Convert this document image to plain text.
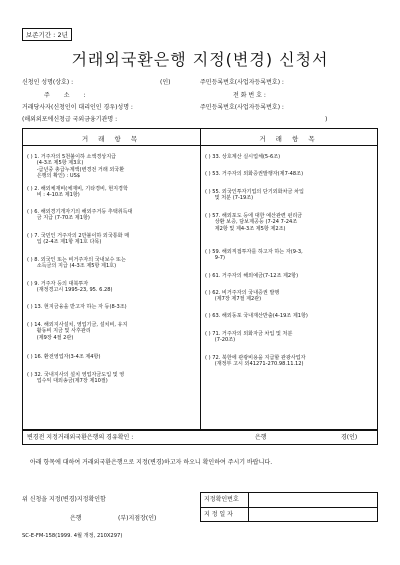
보존기간 : 2년
거래외국환은행 지정(변경) 신청서
신청인 성명(상호) :	(인)	주민등록번호(사업자등록번호) :
주 소 :	전 화 번 호 :
거래당사자(신청인이 대리인인 경우)성명 :	주민등록번호(사업자등록번호) :
(해외외포에신청급 국외금융기관명 :	)
거 래 항 목	거 래 항 목
( ) 1. 거주자의 5천불이하 소액경상지급
(4-3조 제5항 제3호)
-급년중 총급누계액(변경전 거래 외국환
은행의 확인) : US$
( ) 2. 해외체재비(체재비, 기타경비, 현지경학
비 : 4-10조 제1항)
( ) 6. 해외경기개자기의 해외주거등 추택취득대
금 지급 (7-70조 제1항)
( ) 7. 국민인 거주자의 2만불이하 외국통화 매
입 (2-4조 제1항 제1호 다목)
( ) 8. 외국인 또는 비거주자의 국내보수 또는
소득금의 지급 (4-3조 제5항 제1호)
( ) 9. 거주자 등의 대북투자
(재정경고시 1995-23, 95. 6.28)
( ) 13. 현지금융을 받고자 하는 자 등(8-3조)
( ) 14. 해외지사설치, 영업기금, 설치비, 유지
활동비 지금 및 사후관리
(제9장 4절 2관)
( ) 16. 환전영업자(3-4조 제4항)
( ) 32. 국내지사의 설치 영업자금도입 및 영
업수익 대외송금(제7장 제10절)
( ) 33. 상호계산 실시업체(5-6조)
( ) 53. 거주자의 외화증권발행자(제7-48조)
( ) 55. 외국인투자기업의 단기외화차금 차입
및 처분 (7-19조)
( ) 57. 해외포도 등에 대한 예산관련 펀리금
상환 보증, 담보제공등 (7-24 7-24조
제2항 및 제4-3조 제5항 제2조)
( ) 59. 해외직접투자를 하고자 하는 자(9-3,
9-7)
( ) 61. 거주자의 해외예금(7-12조 제2항)
( ) 62. 비거주자의 국내증권 발행
(제7장 제7절 제2관)
( ) 63. 해외동포 국내재산반출(4-19조 제1항)
( ) 71. 거주자의 외화자금 차입 및 처분
(7-20조)
( ) 72. 북한에 관광비용을 지급할 관광사업자
(재정부 고시 외41271-270.98.11.12)
변경전 지정거래외국환은행의 경유확인 :	은행	경(인)
아래 항목에 대하여 거래외국환은행으로 지정(변경)하고자 하오니 확인하여 주시기 바랍니다.
위 신청을 지정(변경)지정확인함
은행	(부)지점장(인)
지정확인번호
지 정 일 자
SC-E-FM-158(1999. 4월 개정, 210X297)
